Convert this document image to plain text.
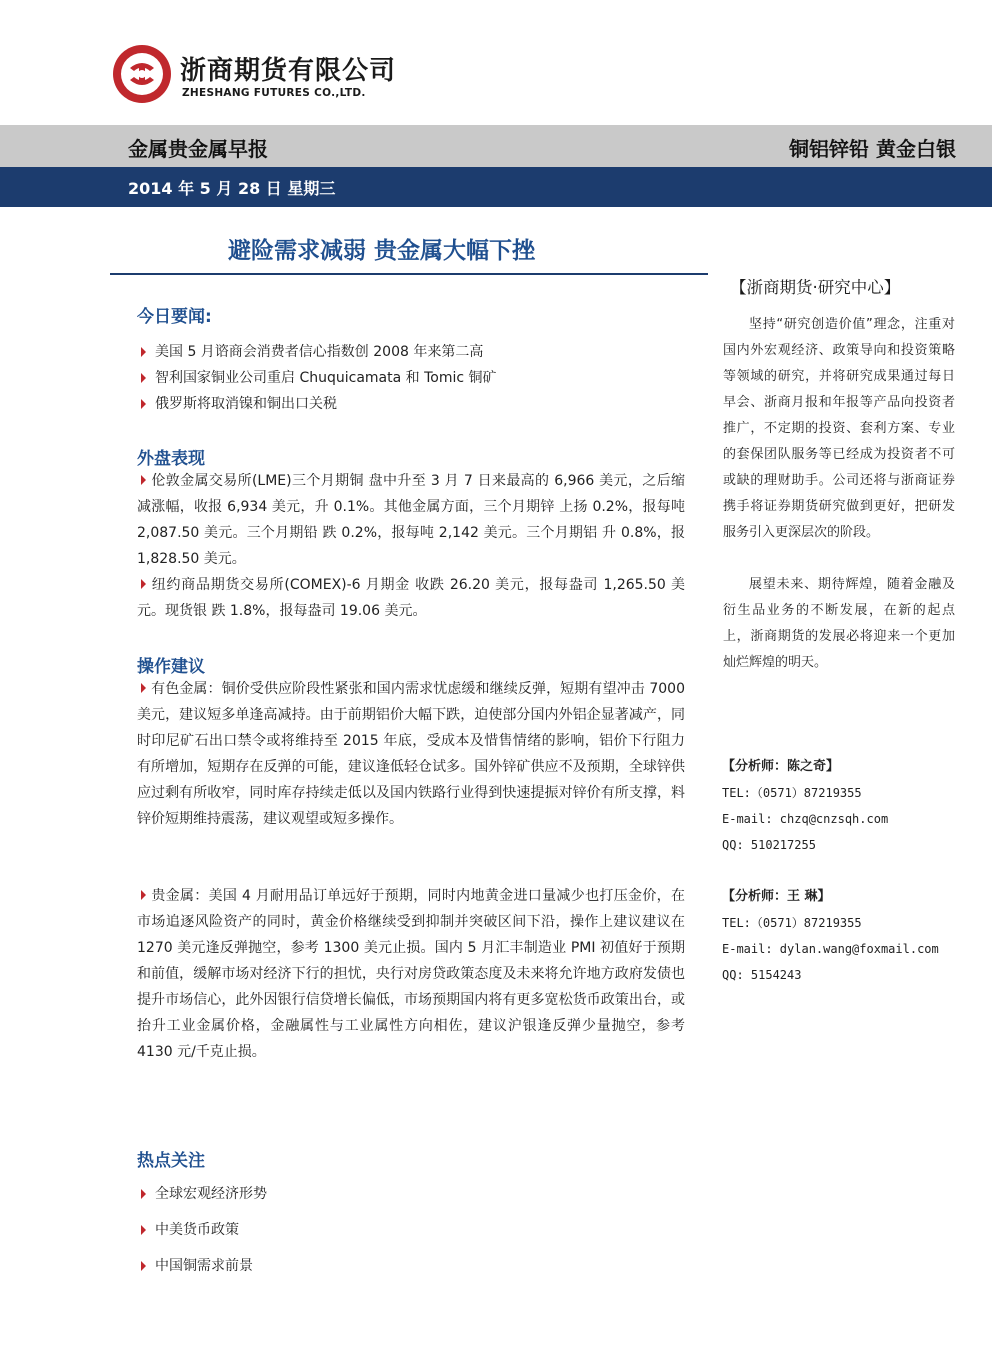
浙商期货有限公司
ZHESHANG FUTURES CO.,LTD.
金属贵金属早报	铜铝锌铅 黄金白银
2014 年 5 月 28 日 星期三
避险需求减弱 贵金属大幅下挫
今日要闻:
美国 5 月谘商会消费者信心指数创 2008 年来第二高
智利国家铜业公司重启 Chuquicamata 和 Tomic 铜矿
俄罗斯将取消镍和铜出口关税
外盘表现

伦敦金属交易所(LME)三个月期铜 盘中升至 3 月 7 日来最高的 6,966 美元，之后缩减涨幅，收报 6,934 美元，升 0.1%。其他金属方面，三个月期锌 上扬 0.2%，报每吨 2,087.50 美元。三个月期铅 跌 0.2%，报每吨 2,142 美元。三个月期铝 升 0.8%，报 1,828.50 美元。

纽约商品期货交易所(COMEX)-6 月期金 收跌 26.20 美元，报每盎司 1,265.50 美元。现货银 跌 1.8%，报每盎司 19.06 美元。

操作建议

有色金属：铜价受供应阶段性紧张和国内需求忧虑缓和继续反弹，短期有望冲击 7000 美元，建议短多单逢高减持。由于前期铝价大幅下跌，迫使部分国内外铝企显著减产，同时印尼矿石出口禁令或将维持至 2015 年底，受成本及惜售情绪的影响，铝价下行阻力有所增加，短期存在反弹的可能，建议逢低轻仓试多。国外锌矿供应不及预期，全球锌供应过剩有所收窄，同时库存持续走低以及国内铁路行业得到快速提振对锌价有所支撑，料锌价短期维持震荡，建议观望或短多操作。

贵金属：美国 4 月耐用品订单远好于预期，同时内地黄金进口量减少也打压金价，在市场追逐风险资产的同时，黄金价格继续受到抑制并突破区间下沿，操作上建议建议在 1270 美元逢反弹抛空，参考 1300 美元止损。国内 5 月汇丰制造业 PMI 初值好于预期和前值，缓解市场对经济下行的担忧，央行对房贷政策态度及未来将允许地方政府发债也提升市场信心，此外因银行信贷增长偏低，市场预期国内将有更多宽松货币政策出台，或抬升工业金属价格，金融属性与工业属性方向相佐，建议沪银逢反弹少量抛空，参考 4130 元/千克止损。

热点关注
全球宏观经济形势
中美货币政策
中国铜需求前景
【浙商期货·研究中心】

坚持“研究创造价值”理念，注重对国内外宏观经济、政策导向和投资策略等领域的研究，并将研究成果通过每日早会、浙商月报和年报等产品向投资者推广，不定期的投资、套利方案、专业的套保团队服务等已经成为投资者不可或缺的理财助手。公司还将与浙商证券携手将证券期货研究做到更好，把研发服务引入更深层次的阶段。

展望未来、期待辉煌，随着金融及衍生品业务的不断发展，在新的起点上，浙商期货的发展必将迎来一个更加灿烂辉煌的明天。

【分析师：陈之奇】
TEL:（0571）87219355
E-mail: chzq@cnzsqh.com
QQ: 510217255
【分析师：王 琳】
TEL:（0571）87219355
E-mail: dylan.wang@foxmail.com
QQ: 5154243
